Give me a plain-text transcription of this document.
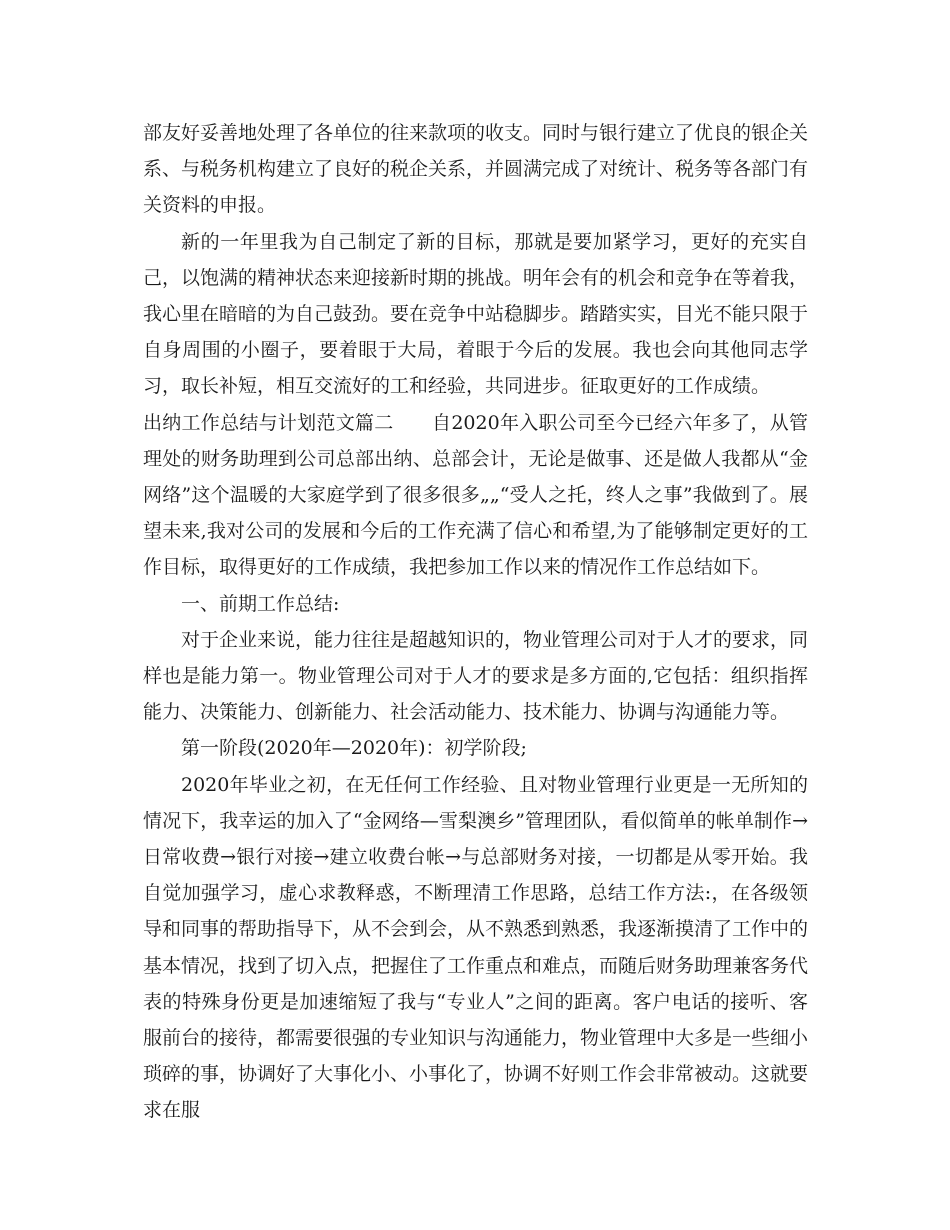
部友好妥善地处理了各单位的往来款项的收支。同时与银行建立了优良的银企关系、与税务机构建立了良好的税企关系，并圆满完成了对统计、税务等各部门有关资料的申报。

新的一年里我为自己制定了新的目标，那就是要加紧学习，更好的充实自己，以饱满的精神状态来迎接新时期的挑战。明年会有的机会和竞争在等着我，我心里在暗暗的为自己鼓劲。要在竞争中站稳脚步。踏踏实实，目光不能只限于自身周围的小圈子，要着眼于大局，着眼于今后的发展。我也会向其他同志学习，取长补短，相互交流好的工和经验，共同进步。征取更好的工作成绩。

出纳工作总结与计划范文篇二　　自2020年入职公司至今已经六年多了，从管理处的财务助理到公司总部出纳、总部会计，无论是做事、还是做人我都从“金网络”这个温暖的大家庭学到了很多很多„„“受人之托，终人之事”我做到了。展望未来,我对公司的发展和今后的工作充满了信心和希望,为了能够制定更好的工作目标，取得更好的工作成绩，我把参加工作以来的情况作工作总结如下。

一、前期工作总结:

对于企业来说，能力往往是超越知识的，物业管理公司对于人才的要求，同样也是能力第一。物业管理公司对于人才的要求是多方面的,它包括：组织指挥能力、决策能力、创新能力、社会活动能力、技术能力、协调与沟通能力等。

第一阶段(2020年—2020年)：初学阶段;

2020年毕业之初，在无任何工作经验、且对物业管理行业更是一无所知的情况下，我幸运的加入了“金网络—雪梨澳乡”管理团队，看似简单的帐单制作→日常收费→银行对接→建立收费台帐→与总部财务对接，一切都是从零开始。我自觉加强学习，虚心求教释惑，不断理清工作思路，总结工作方法:，在各级领导和同事的帮助指导下，从不会到会，从不熟悉到熟悉，我逐渐摸清了工作中的基本情况，找到了切入点，把握住了工作重点和难点，而随后财务助理兼客务代表的特殊身份更是加速缩短了我与“专业人”之间的距离。客户电话的接听、客服前台的接待，都需要很强的专业知识与沟通能力，物业管理中大多是一些细小琐碎的事，协调好了大事化小、小事化了，协调不好则工作会非常被动。这就要求在服
